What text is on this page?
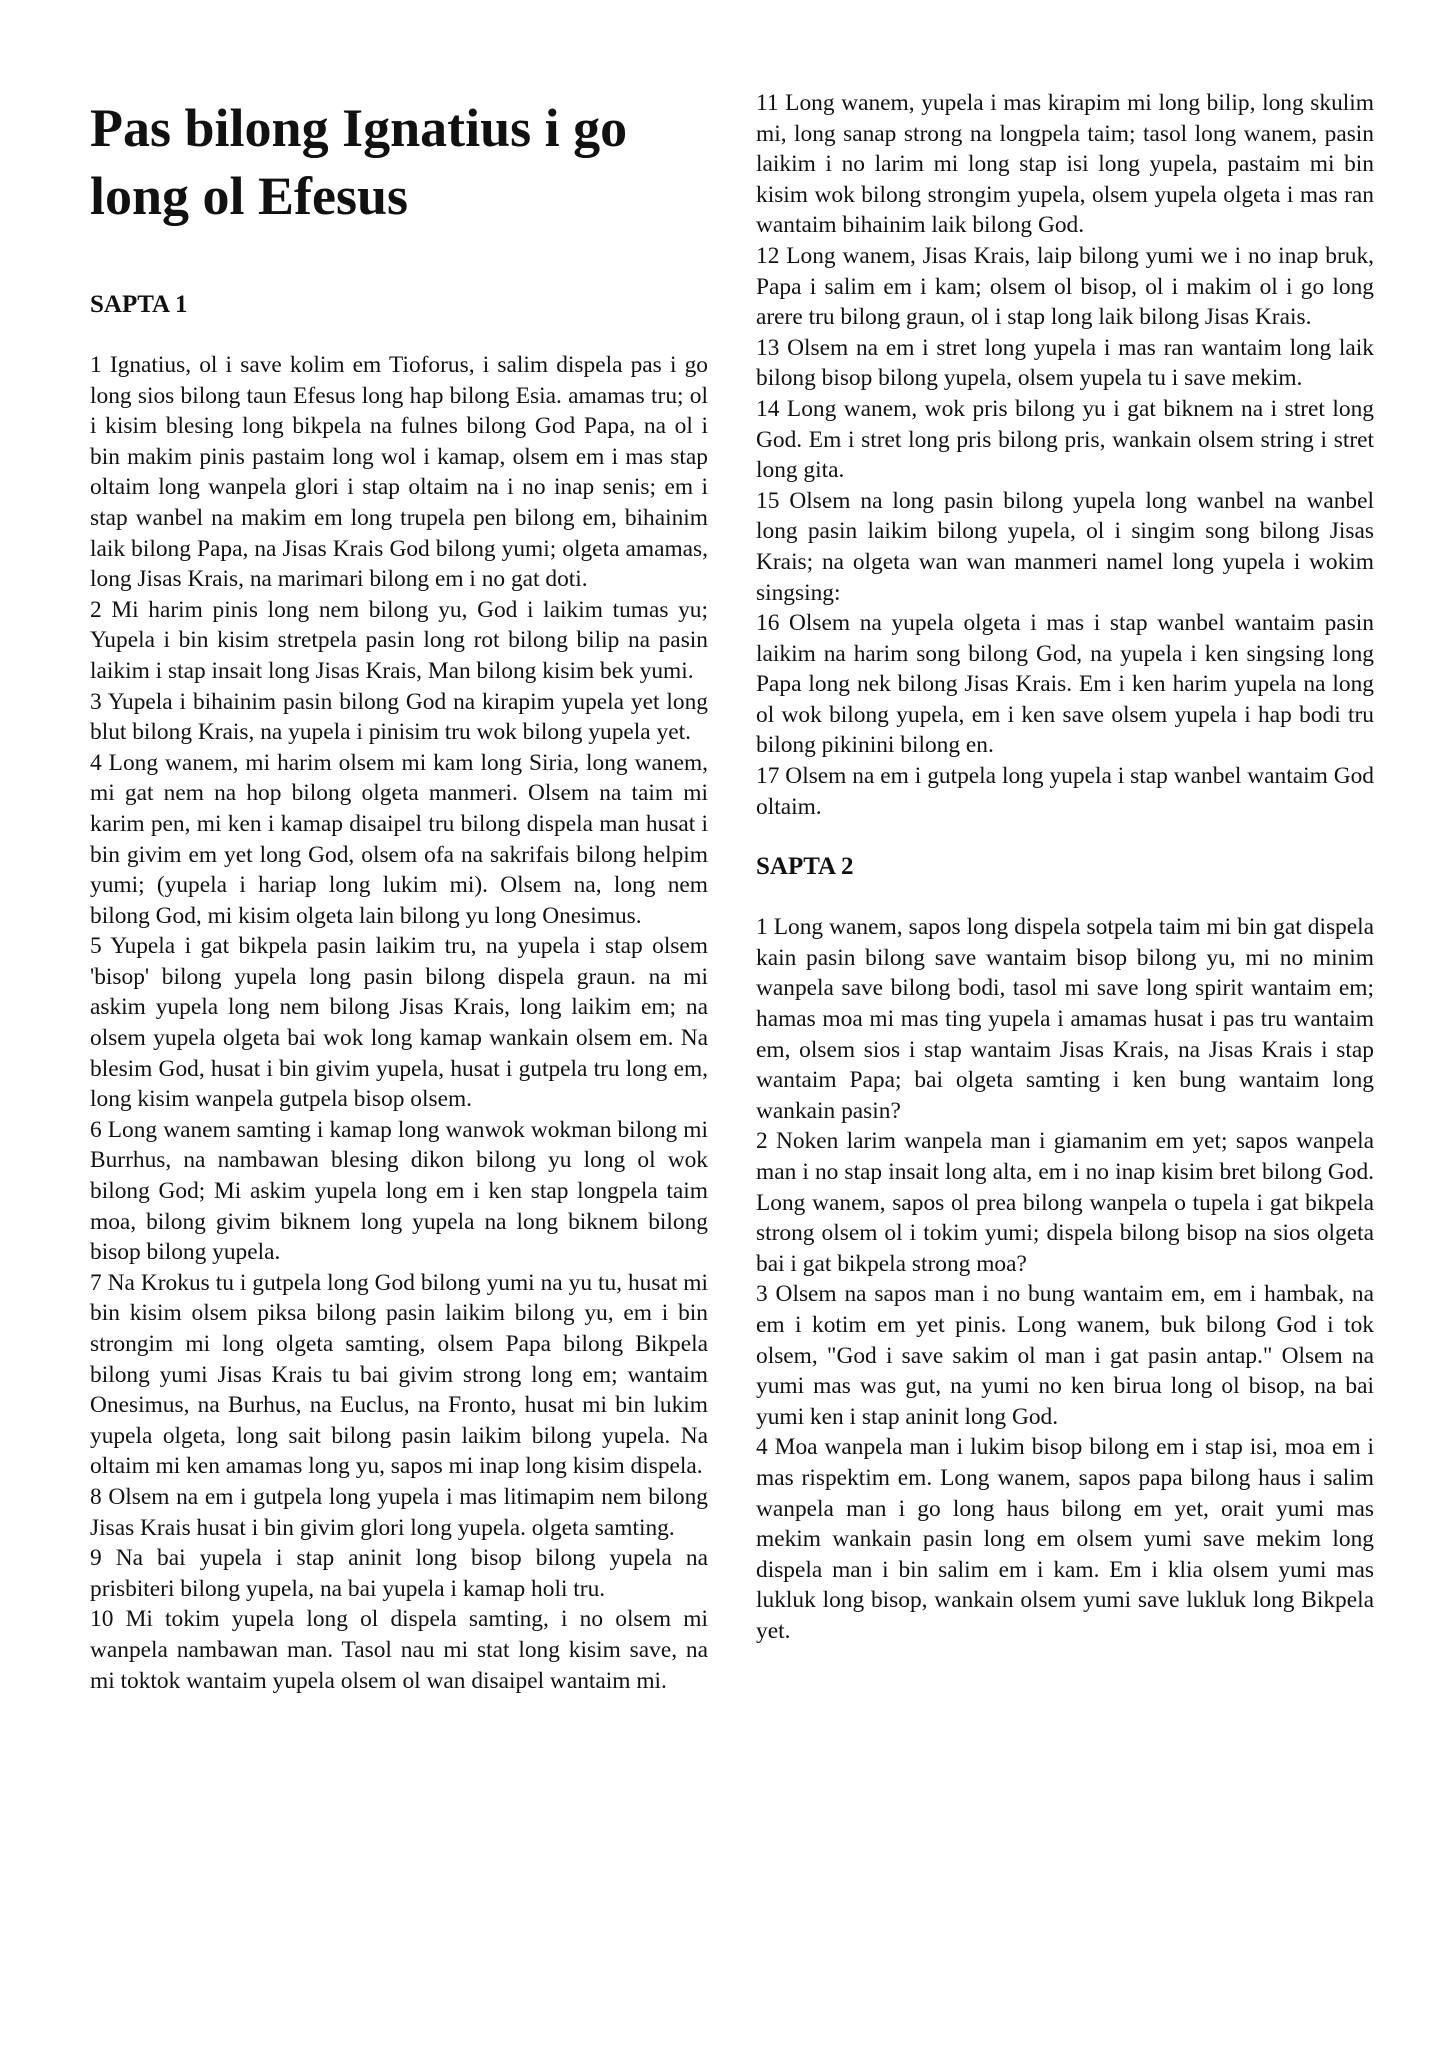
Pas bilong Ignatius i go long ol Efesus
SAPTA 1

1 Ignatius, ol i save kolim em Tioforus, i salim dispela pas i go long sios bilong taun Efesus long hap bilong Esia. amamas tru; ol i kisim blesing long bikpela na fulnes bilong God Papa, na ol i bin makim pinis pastaim long wol i kamap, olsem em i mas stap oltaim long wanpela glori i stap oltaim na i no inap senis; em i stap wanbel na makim em long trupela pen bilong em, bihainim laik bilong Papa, na Jisas Krais God bilong yumi; olgeta amamas, long Jisas Krais, na marimari bilong em i no gat doti.

2 Mi harim pinis long nem bilong yu, God i laikim tumas yu; Yupela i bin kisim stretpela pasin long rot bilong bilip na pasin laikim i stap insait long Jisas Krais, Man bilong kisim bek yumi.

3 Yupela i bihainim pasin bilong God na kirapim yupela yet long blut bilong Krais, na yupela i pinisim tru wok bilong yupela yet.

4 Long wanem, mi harim olsem mi kam long Siria, long wanem, mi gat nem na hop bilong olgeta manmeri. Olsem na taim mi karim pen, mi ken i kamap disaipel tru bilong dispela man husat i bin givim em yet long God, olsem ofa na sakrifais bilong helpim yumi; (yupela i hariap long lukim mi). Olsem na, long nem bilong God, mi kisim olgeta lain bilong yu long Onesimus.

5 Yupela i gat bikpela pasin laikim tru, na yupela i stap olsem 'bisop' bilong yupela long pasin bilong dispela graun. na mi askim yupela long nem bilong Jisas Krais, long laikim em; na olsem yupela olgeta bai wok long kamap wankain olsem em. Na blesim God, husat i bin givim yupela, husat i gutpela tru long em, long kisim wanpela gutpela bisop olsem.

6 Long wanem samting i kamap long wanwok wokman bilong mi Burrhus, na nambawan blesing dikon bilong yu long ol wok bilong God; Mi askim yupela long em i ken stap longpela taim moa, bilong givim biknem long yupela na long biknem bilong bisop bilong yupela.

7 Na Krokus tu i gutpela long God bilong yumi na yu tu, husat mi bin kisim olsem piksa bilong pasin laikim bilong yu, em i bin strongim mi long olgeta samting, olsem Papa bilong Bikpela bilong yumi Jisas Krais tu bai givim strong long em; wantaim Onesimus, na Burhus, na Euclus, na Fronto, husat mi bin lukim yupela olgeta, long sait bilong pasin laikim bilong yupela. Na oltaim mi ken amamas long yu, sapos mi inap long kisim dispela.

8 Olsem na em i gutpela long yupela i mas litimapim nem bilong Jisas Krais husat i bin givim glori long yupela. olgeta samting.

9 Na bai yupela i stap aninit long bisop bilong yupela na prisbiteri bilong yupela, na bai yupela i kamap holi tru.

10 Mi tokim yupela long ol dispela samting, i no olsem mi wanpela nambawan man. Tasol nau mi stat long kisim save, na mi toktok wantaim yupela olsem ol wan disaipel wantaim mi.

11 Long wanem, yupela i mas kirapim mi long bilip, long skulim mi, long sanap strong na longpela taim; tasol long wanem, pasin laikim i no larim mi long stap isi long yupela, pastaim mi bin kisim wok bilong strongim yupela, olsem yupela olgeta i mas ran wantaim bihainim laik bilong God.

12 Long wanem, Jisas Krais, laip bilong yumi we i no inap bruk, Papa i salim em i kam; olsem ol bisop, ol i makim ol i go long arere tru bilong graun, ol i stap long laik bilong Jisas Krais.

13 Olsem na em i stret long yupela i mas ran wantaim long laik bilong bisop bilong yupela, olsem yupela tu i save mekim.

14 Long wanem, wok pris bilong yu i gat biknem na i stret long God. Em i stret long pris bilong pris, wankain olsem string i stret long gita.

15 Olsem na long pasin bilong yupela long wanbel na wanbel long pasin laikim bilong yupela, ol i singim song bilong Jisas Krais; na olgeta wan wan manmeri namel long yupela i wokim singsing:

16 Olsem na yupela olgeta i mas i stap wanbel wantaim pasin laikim na harim song bilong God, na yupela i ken singsing long Papa long nek bilong Jisas Krais. Em i ken harim yupela na long ol wok bilong yupela, em i ken save olsem yupela i hap bodi tru bilong pikinini bilong en.

17 Olsem na em i gutpela long yupela i stap wanbel wantaim God oltaim.

SAPTA 2

1 Long wanem, sapos long dispela sotpela taim mi bin gat dispela kain pasin bilong save wantaim bisop bilong yu, mi no minim wanpela save bilong bodi, tasol mi save long spirit wantaim em; hamas moa mi mas ting yupela i amamas husat i pas tru wantaim em, olsem sios i stap wantaim Jisas Krais, na Jisas Krais i stap wantaim Papa; bai olgeta samting i ken bung wantaim long wankain pasin?

2 Noken larim wanpela man i giamanim em yet; sapos wanpela man i no stap insait long alta, em i no inap kisim bret bilong God. Long wanem, sapos ol prea bilong wanpela o tupela i gat bikpela strong olsem ol i tokim yumi; dispela bilong bisop na sios olgeta bai i gat bikpela strong moa?

3 Olsem na sapos man i no bung wantaim em, em i hambak, na em i kotim em yet pinis. Long wanem, buk bilong God i tok olsem, "God i save sakim ol man i gat pasin antap." Olsem na yumi mas was gut, na yumi no ken birua long ol bisop, na bai yumi ken i stap aninit long God.

4 Moa wanpela man i lukim bisop bilong em i stap isi, moa em i mas rispektim em. Long wanem, sapos papa bilong haus i salim wanpela man i go long haus bilong em yet, orait yumi mas mekim wankain pasin long em olsem yumi save mekim long dispela man i bin salim em i kam. Em i klia olsem yumi mas lukluk long bisop, wankain olsem yumi save lukluk long Bikpela yet.
